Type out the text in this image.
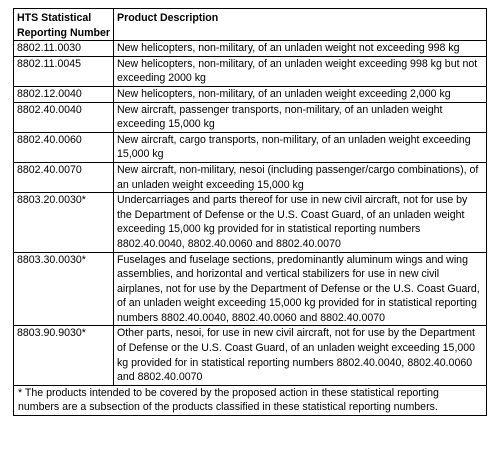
HTS Statistical Reporting Number	Product Description
8802.11.0030	New helicopters, non-military, of an unladen weight not exceeding 998 kg
8802.11.0045	New helicopters, non-military, of an unladen weight exceeding 998 kg but not exceeding 2000 kg
8802.12.0040	New helicopters, non-military, of an unladen weight exceeding 2,000 kg
8802.40.0040	New aircraft, passenger transports, non-military, of an unladen weight exceeding 15,000 kg
8802.40.0060	New aircraft, cargo transports, non-military, of an unladen weight exceeding 15,000 kg
8802.40.0070	New aircraft, non-military, nesoi (including passenger/cargo combinations), of an unladen weight exceeding 15,000 kg
8803.20.0030*	Undercarriages and parts thereof for use in new civil aircraft, not for use by the Department of Defense or the U.S. Coast Guard, of an unladen weight exceeding 15,000 kg provided for in statistical reporting numbers 8802.40.0040, 8802.40.0060 and 8802.40.0070
8803.30.0030*	Fuselages and fuselage sections, predominantly aluminum wings and wing assemblies, and horizontal and vertical stabilizers for use in new civil airplanes, not for use by the Department of Defense or the U.S. Coast Guard, of an unladen weight exceeding 15,000 kg provided for in statistical reporting numbers 8802.40.0040, 8802.40.0060 and 8802.40.0070
8803.90.9030*	Other parts, nesoi, for use in new civil aircraft, not for use by the Department of Defense or the U.S. Coast Guard, of an unladen weight exceeding 15,000 kg provided for in statistical reporting numbers 8802.40.0040, 8802.40.0060 and 8802.40.0070
* The products intended to be covered by the proposed action in these statistical reporting numbers are a subsection of the products classified in these statistical reporting numbers.	
